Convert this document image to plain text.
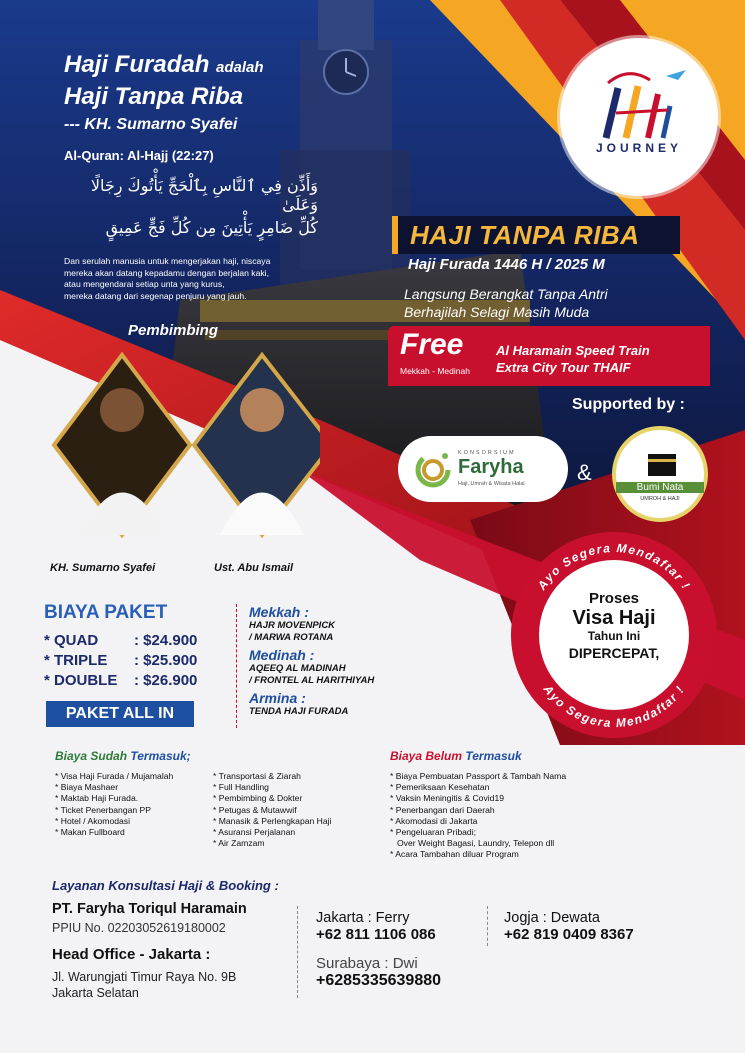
Haji Furadah adalah
Haji Tanpa Riba
--- KH. Sumarno Syafei
Al-Quran: Al-Hajj (22:27)
وَأَذِّن فِي ٱلنَّاسِ بِٱلْحَجِّ يَأْتُوكَ رِجَالًا وَعَلَىٰ
كُلِّ ضَامِرٍ يَأْتِينَ مِن كُلِّ فَجٍّ عَمِيقٍ
Dan serulah manusia untuk mengerjakan haji, niscaya
mereka akan datang kepadamu dengan berjalan kaki,
atau mengendarai setiap unta yang kurus,
mereka datang dari segenap penjuru yang jauh.
JOURNEY
HAJI TANPA RIBA
Haji Furada 1446 H / 2025 M
Langsung Berangkat Tanpa Antri
Berhajilah Selagi Masih Muda
Free
Mekkah - Medinah
Al Haramain Speed Train
Extra City Tour THAIF
Supported by :
KONSORSIUM
Faryha
Haji, Umrah & Wisata Halal &
Bumi Nata
UMROH & HAJI
Pembimbing
KH. Sumarno Syafei	Ust. Abu Ismail
Ayo Segera Mendaftar !
Ayo Segera Mendaftar !
Proses
Visa Haji
Tahun Ini
DIPERCEPAT,
BIAYA PAKET
* QUAD	: $24.900
* TRIPLE	: $25.900
* DOUBLE	: $26.900
PAKET ALL IN
Mekkah :
HAJR MOVENPICK
/ MARWA ROTANA
Medinah :
AQEEQ AL MADINAH
/ FRONTEL AL HARITHIYAH
Armina :
TENDA HAJI FURADA
Biaya Sudah Termasuk;
* Visa Haji Furada / Mujamalah
* Biaya Mashaer
* Maktab Haji Furada.
* Ticket Penerbangan PP
* Hotel / Akomodasi
* Makan Fullboard
* Transportasi & Ziarah
* Full Handling
* Pembimbing & Dokter
* Petugas & Mutawwif
* Manasik & Perlengkapan Haji
* Asuransi Perjalanan
* Air Zamzam
Biaya Belum Termasuk
* Biaya Pembuatan Passport & Tambah Nama
* Pemeriksaan Kesehatan
* Vaksin Meningitis & Covid19
* Penerbangan dari Daerah
* Akomodasi di Jakarta
* Pengeluaran Pribadi;
Over Weight Bagasi, Laundry, Telepon dll
* Acara Tambahan diluar Program
Layanan Konsultasi Haji & Booking :
PT. Faryha Toriqul Haramain
PPIU No. 02203052619180002
Head Office - Jakarta :
Jl. Warungjati Timur Raya No. 9B
Jakarta Selatan
Jakarta : Ferry
+62 811 1106 086
Jogja : Dewata
+62 819 0409 8367
Surabaya : Dwi
+6285335639880
